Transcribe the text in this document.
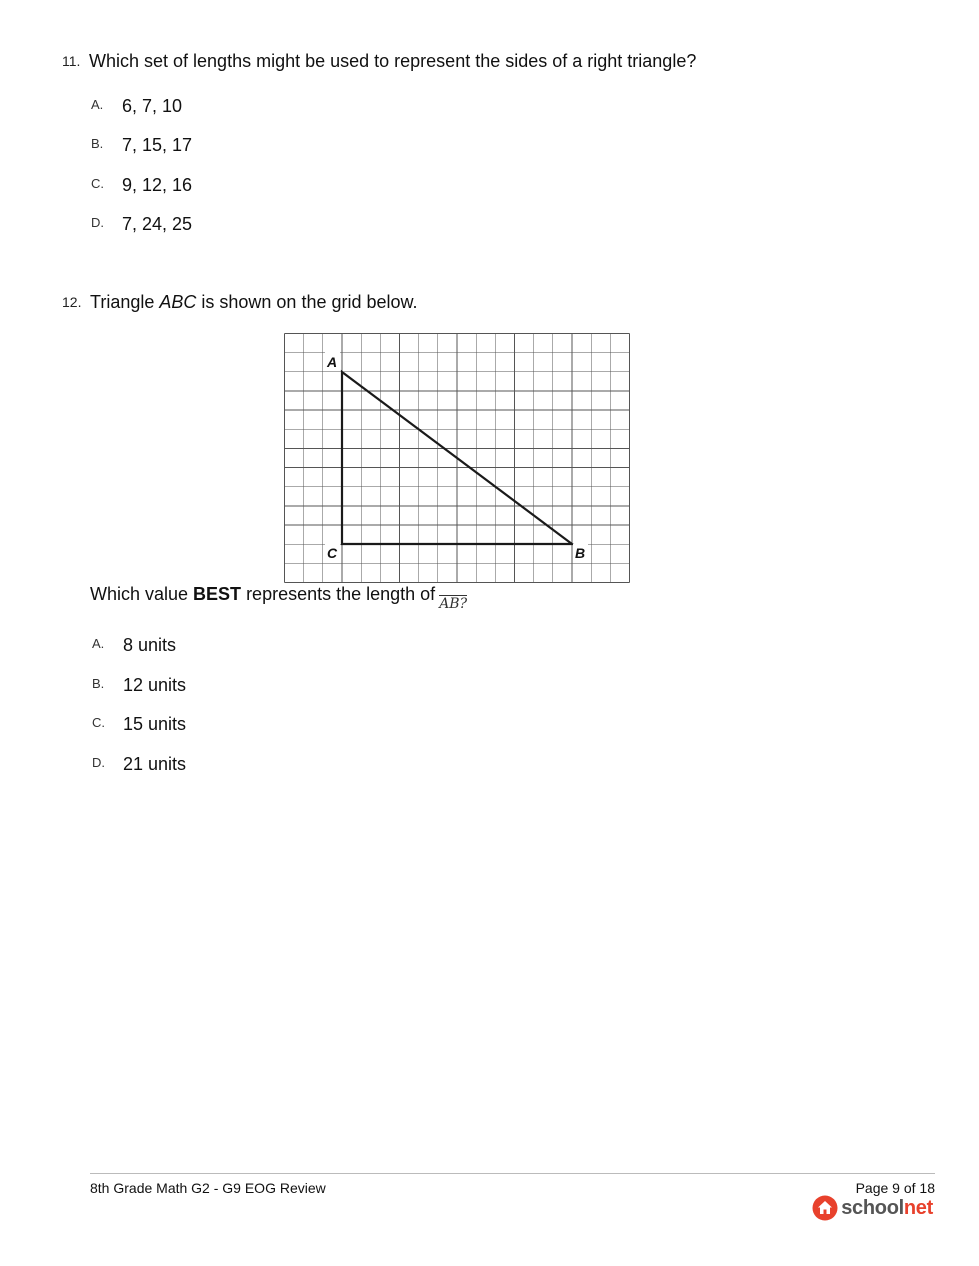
11. Which set of lengths might be used to represent the sides of a right triangle?
A. 6, 7, 10
B. 7, 15, 17
C. 9, 12, 16
D. 7, 24, 25
12. Triangle ABC is shown on the grid below.
A
C	B
Which value BEST represents the length of AB?
A. 8 units
B. 12 units
C. 15 units
D. 21 units
8th Grade Math G2 - G9 EOG Review	Page 9 of 18
schoolnet
